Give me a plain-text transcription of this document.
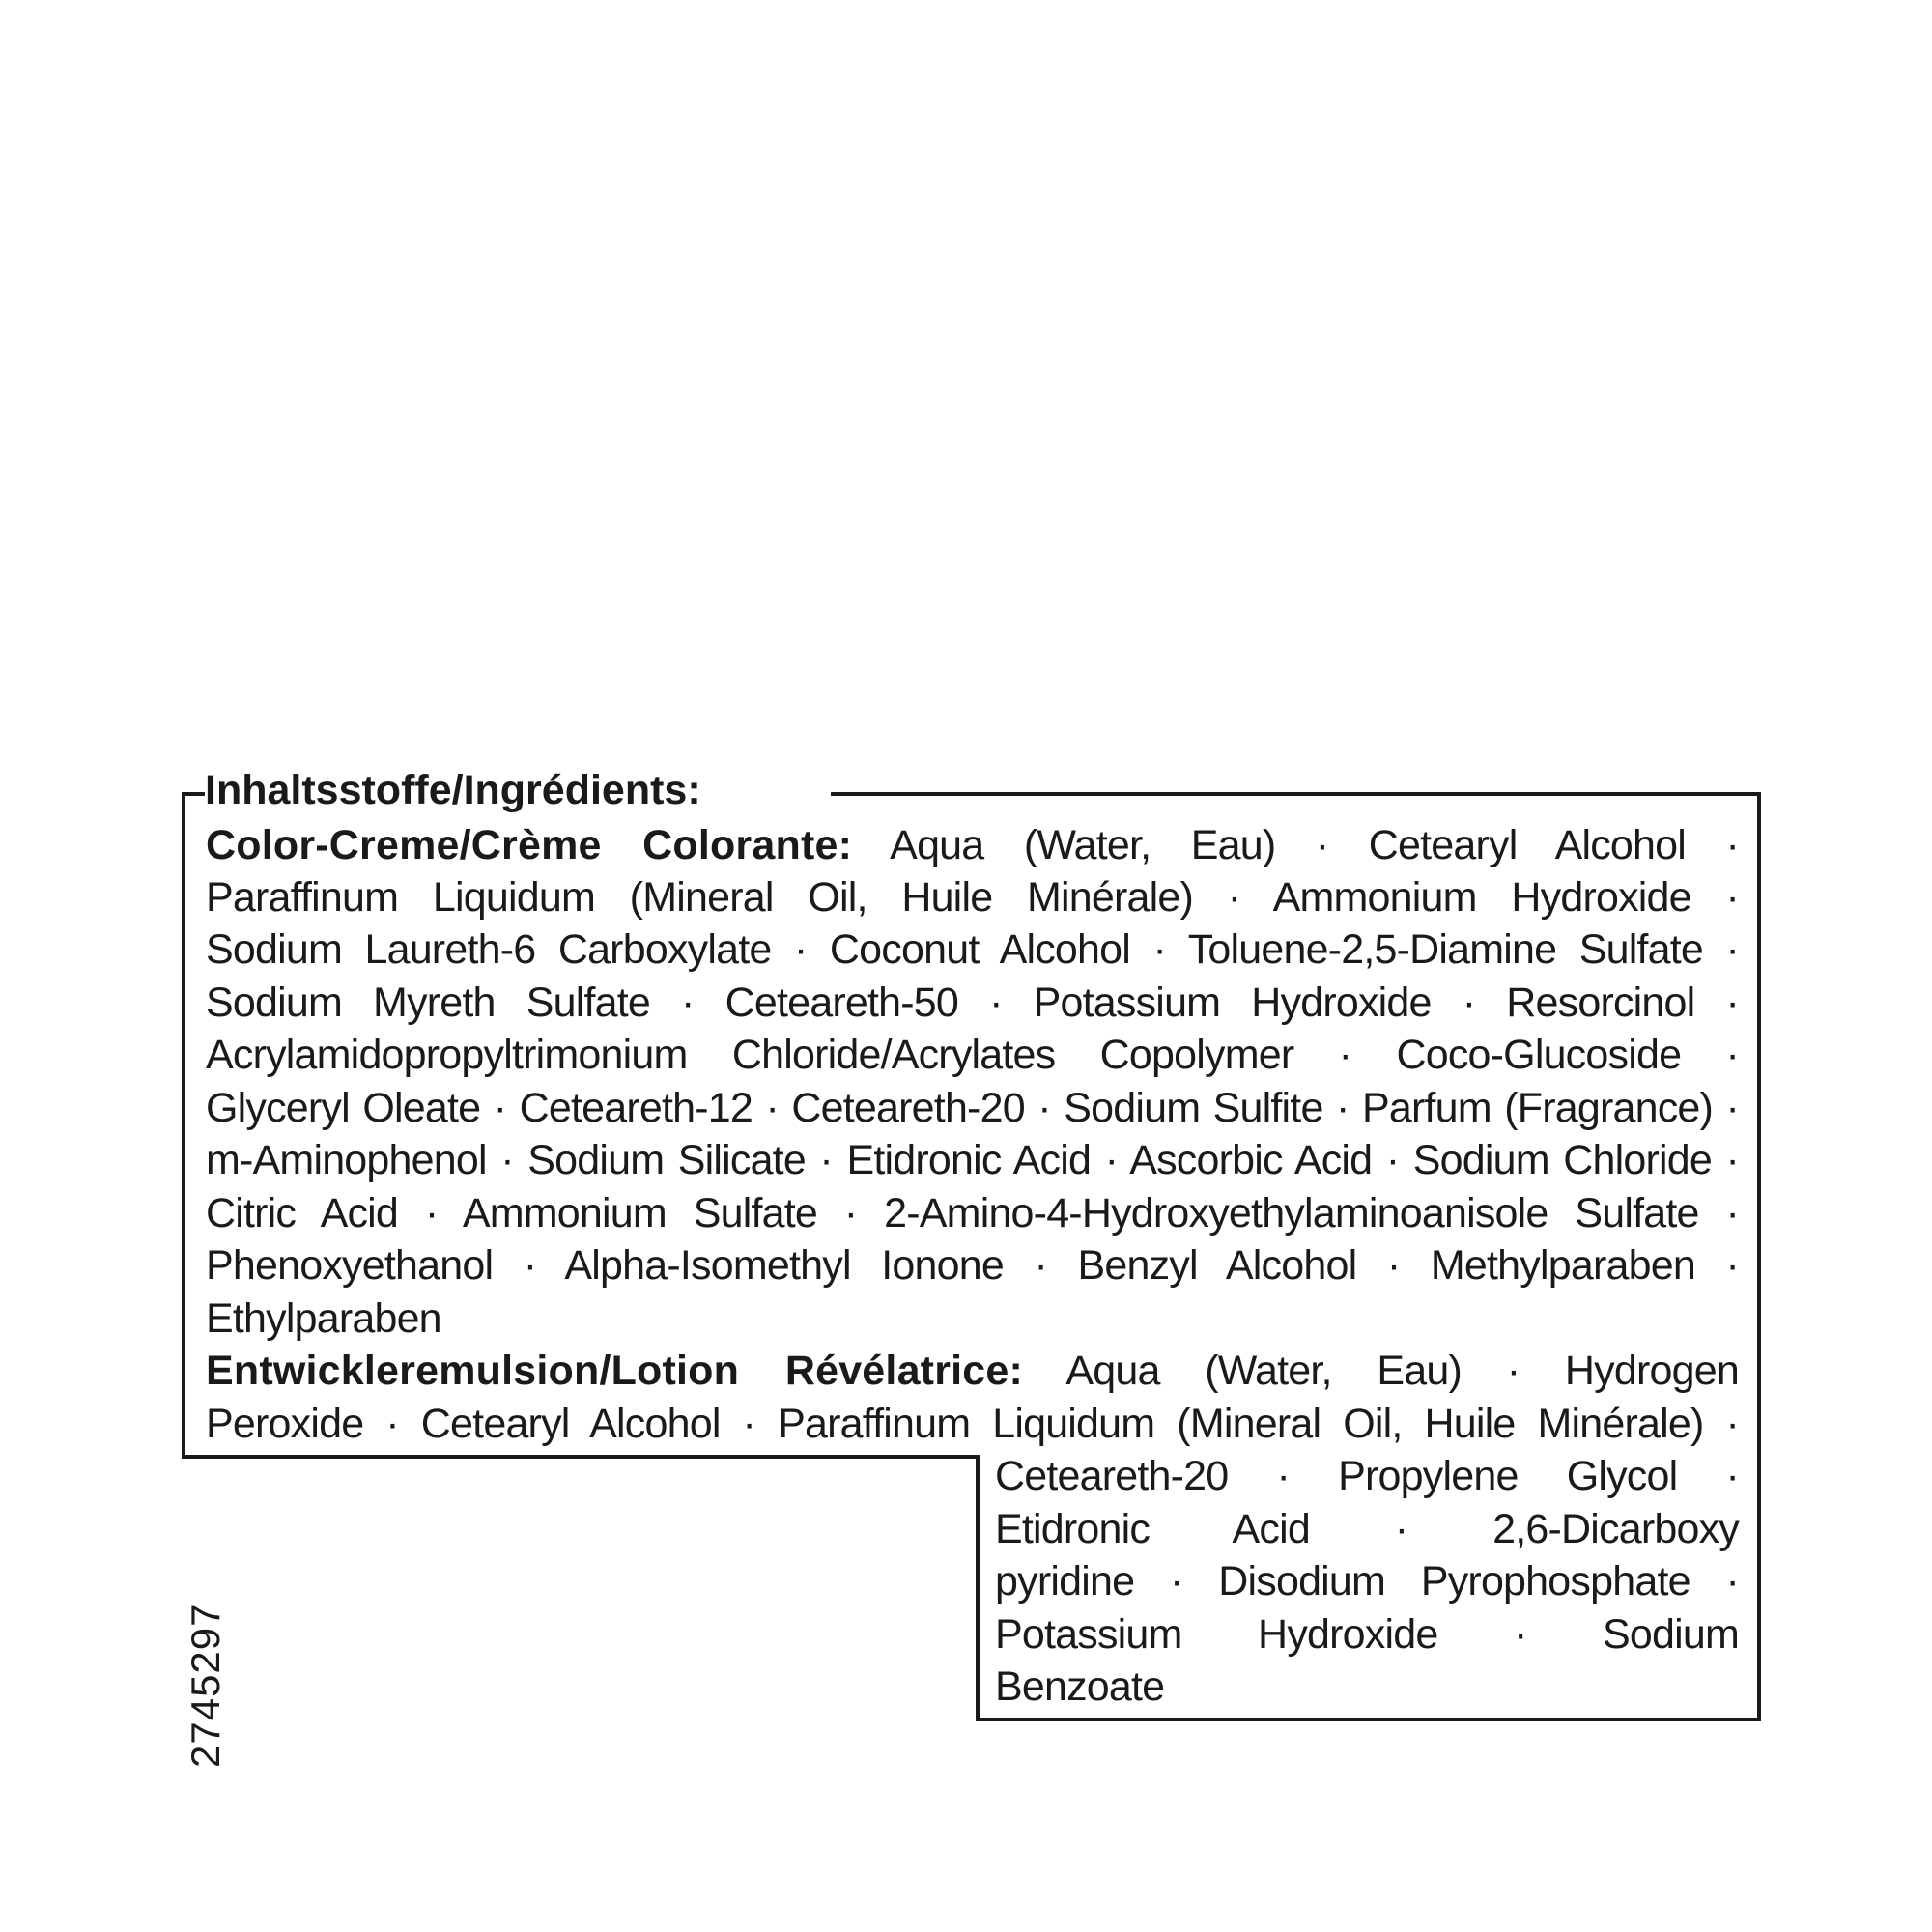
Inhaltsstoffe/Ingrédients:
Color-Creme/Crème Colorante: Aqua (Water, Eau) · Cetearyl Alcohol ·
Paraffinum Liquidum (Mineral Oil, Huile Minérale) · Ammonium Hydroxide ·
Sodium Laureth-6 Carboxylate · Coconut Alcohol · Toluene-2,5-Diamine Sulfate ·
Sodium Myreth Sulfate · Ceteareth-50 · Potassium Hydroxide · Resorcinol ·
Acrylamidopropyltrimonium Chloride/Acrylates Copolymer · Coco-Glucoside ·
Glyceryl Oleate · Ceteareth-12 · Ceteareth-20 · Sodium Sulfite · Parfum (Fragrance) ·
m-Aminophenol · Sodium Silicate · Etidronic Acid · Ascorbic Acid · Sodium Chloride ·
Citric Acid · Ammonium Sulfate · 2-Amino-4-Hydroxyethylaminoanisole Sulfate ·
Phenoxyethanol · Alpha-Isomethyl Ionone · Benzyl Alcohol · Methylparaben ·
Ethylparaben
Entwickleremulsion/Lotion Révélatrice: Aqua (Water, Eau) · Hydrogen
Peroxide · Cetearyl Alcohol · Paraffinum Liquidum (Mineral Oil, Huile Minérale) ·
Ceteareth-20 · Propylene Glycol ·
Etidronic Acid · 2,6-Dicarboxy
pyridine · Disodium Pyrophosphate ·
Potassium Hydroxide · Sodium
Benzoate
2745297
